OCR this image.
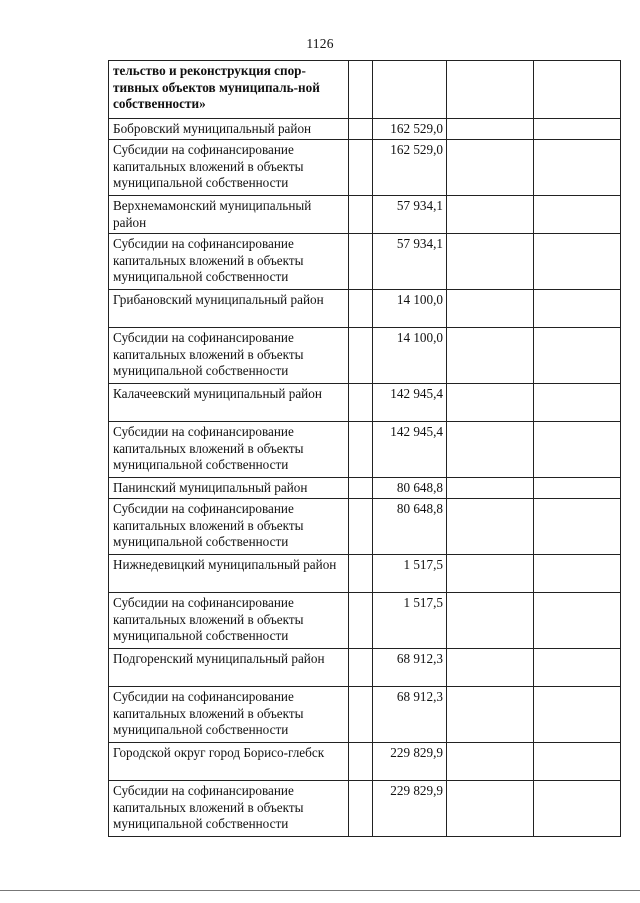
1126
тельство и реконструкция спор-тивных объектов муниципаль-ной собственности»				
Бобровский муниципальный район		162 529,0		
Субсидии на софинансирование капитальных вложений в объекты муниципальной собственности		162 529,0		
Верхнемамонский муниципальный район		57 934,1		
Субсидии на софинансирование капитальных вложений в объекты муниципальной собственности		57 934,1		
Грибановский муниципальный район		14 100,0		
Субсидии на софинансирование капитальных вложений в объекты муниципальной собственности		14 100,0		
Калачеевский муниципальный район		142 945,4		
Субсидии на софинансирование капитальных вложений в объекты муниципальной собственности		142 945,4		
Панинский муниципальный район		80 648,8		
Субсидии на софинансирование капитальных вложений в объекты муниципальной собственности		80 648,8		
Нижнедевицкий муниципальный район		1 517,5		
Субсидии на софинансирование капитальных вложений в объекты муниципальной собственности		1 517,5		
Подгоренский муниципальный район		68 912,3		
Субсидии на софинансирование капитальных вложений в объекты муниципальной собственности		68 912,3		
Городской округ город Борисо-глебск		229 829,9		
Субсидии на софинансирование капитальных вложений в объекты муниципальной собственности		229 829,9		
